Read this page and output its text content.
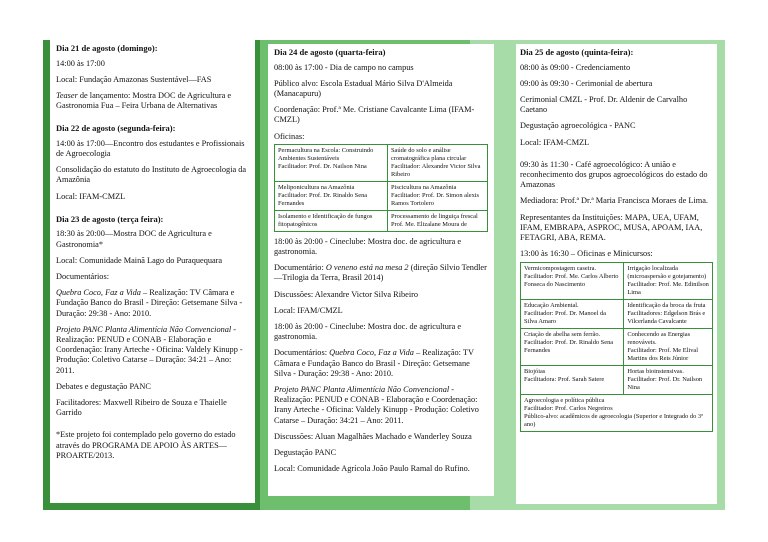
Dia 21 de agosto (domingo):

14:00 às 17:00

Local: Fundação Amazonas Sustentável—FAS

Teaser de lançamento: Mostra DOC de Agricultura e Gastronomia Fua – Feira Urbana de Alternativas

Dia 22 de agosto (segunda-feira):

14:00 às 17:00—Encontro dos estudantes e Profissionais de Agroecologia

Consolidação do estatuto do Instituto de Agroecologia da Amazônia

Local: IFAM-CMZL

Dia 23 de agosto (terça feira):

18:30 às 20:00—Mostra DOC de Agricultura e Gastronomia*

Local: Comunidade Mainã Lago do Puraquequara

Documentários:

Quebra Coco, Faz a Vida – Realização: TV Câmara e Fundação Banco do Brasil - Direção: Getsemane Silva - Duração: 29:38 - Ano: 2010.

Projeto PANC Planta Alimentícia Não Convencional - Realização: PENUD e CONAB - Elaboração e Coordenação: Irany Arteche - Oficina: Valdely Kinupp - Produção: Coletivo Catarse – Duração: 34:21 – Ano: 2011.

Debates e degustação PANC

Facilitadores: Maxwell Ribeiro de Souza e Thaielle Garrido

*Este projeto foi contemplado pelo governo do estado através do PROGRAMA DE APOIO ÀS ARTES—PROARTE/2013.

Dia 24 de agosto (quarta-feira)

08:00 às 17:00 - Dia de campo no campus

Público alvo: Escola Estadual Mário Silva D'Almeida (Manacapuru)

Coordenação: Prof.ª Me. Cristiane Cavalcante Lima (IFAM-CMZL)

Oficinas:

Permacultura na Escola: Construindo Ambientes Sustentáveis
Facilitador: Prof. Dr. Nailson Nina	Saúde do solo e análise cromatográfica plana circular
Facilitador: Alexandre Victor Silva Ribeiro

Meliponicultura na Amazônia
Facilitador: Prof. Dr. Rinaldo Sena Fernandes	Piscicultura na Amazônia
Facilitador: Prof. Dr. Simon alexis Ramos Tortolero

Isolamento e Identificação de fungos fitopatogênicos	Processamento de linguiça frescal
Prof. Me. Elizalane Moura de

18:00 às 20:00 - Cineclube: Mostra doc. de agricultura e gastronomia.

Documentário: O veneno está na mesa 2 (direção Silvio Tendler—Trilogia da Terra, Brasil 2014)

Discussões: Alexandre Victor Silva Ribeiro

Local: IFAM/CMZL

18:00 às 20:00 - Cineclube: Mostra doc. de agricultura e gastronomia.

Documentários: Quebra Coco, Faz a Vida – Realização: TV Câmara e Fundação Banco do Brasil - Direção: Getsemane Silva - Duração: 29:38 - Ano: 2010.

Projeto PANC Planta Alimentícia Não Convencional - Realização: PENUD e CONAB - Elaboração e Coordenação: Irany Arteche - Oficina: Valdely Kinupp - Produção: Coletivo Catarse – Duração: 34:21 – Ano: 2011.

Discussões: Aluan Magalhães Machado e Wanderley Souza

Degustação PANC

Local: Comunidade Agrícola João Paulo Ramal do Rufino.

Dia 25 de agosto (quinta-feira):

08:00 às 09:00 - Credenciamento

09:00 às 09:30 - Cerimonial de abertura

Cerimonial CMZL - Prof. Dr. Aldenir de Carvalho Caetano

Degustação agroecológica - PANC

Local: IFAM-CMZL

09:30 às 11:30 - Café agroecológico: A união e reconhecimento dos grupos agroecológicos do estado do Amazonas

Mediadora: Prof.ª Dr.ª Maria Francisca Moraes de Lima.

Representantes da Instituições: MAPA, UEA, UFAM, IFAM, EMBRAPA, ASPROC, MUSA, APOAM, IAA, FETAGRI, ABA, REMA.

13:00 às 16:30 – Oficinas e Minicursos:

Vermicompostagem caseira.
Facilitador: Prof. Me. Carlos Alberto Fonseca do Nascimento	Irrigação localizada (microaspersão e gotejamento)
Facilitador: Prof. Me. Edinilson Lima

Educação Ambiental.
Facilitador: Prof. Dr. Manoel da Silva Amaro	Identificação da broca da fruta
Facilitadores: Edgelson Brás e Vilcerlanda Cavalcante

Criação de abelha sem ferrão.
Facilitador: Prof. Dr. Rinaldo Sena Fernandes	Conhecendo as Energias renováveis.
Facilitador: Prof. Me Elival Martins dos Reis Júnior

Biojóias
Facilitadora: Prof. Sarah Satere	Hortas bioinstensivas.
Facilitador: Prof. Dr. Nailson Nina

Agroecologia e política pública
Facilitador: Prof. Carlos Negreiros
Público-alvo: acadêmicos de agroecologia (Superior e Integrado do 3º ano)	
